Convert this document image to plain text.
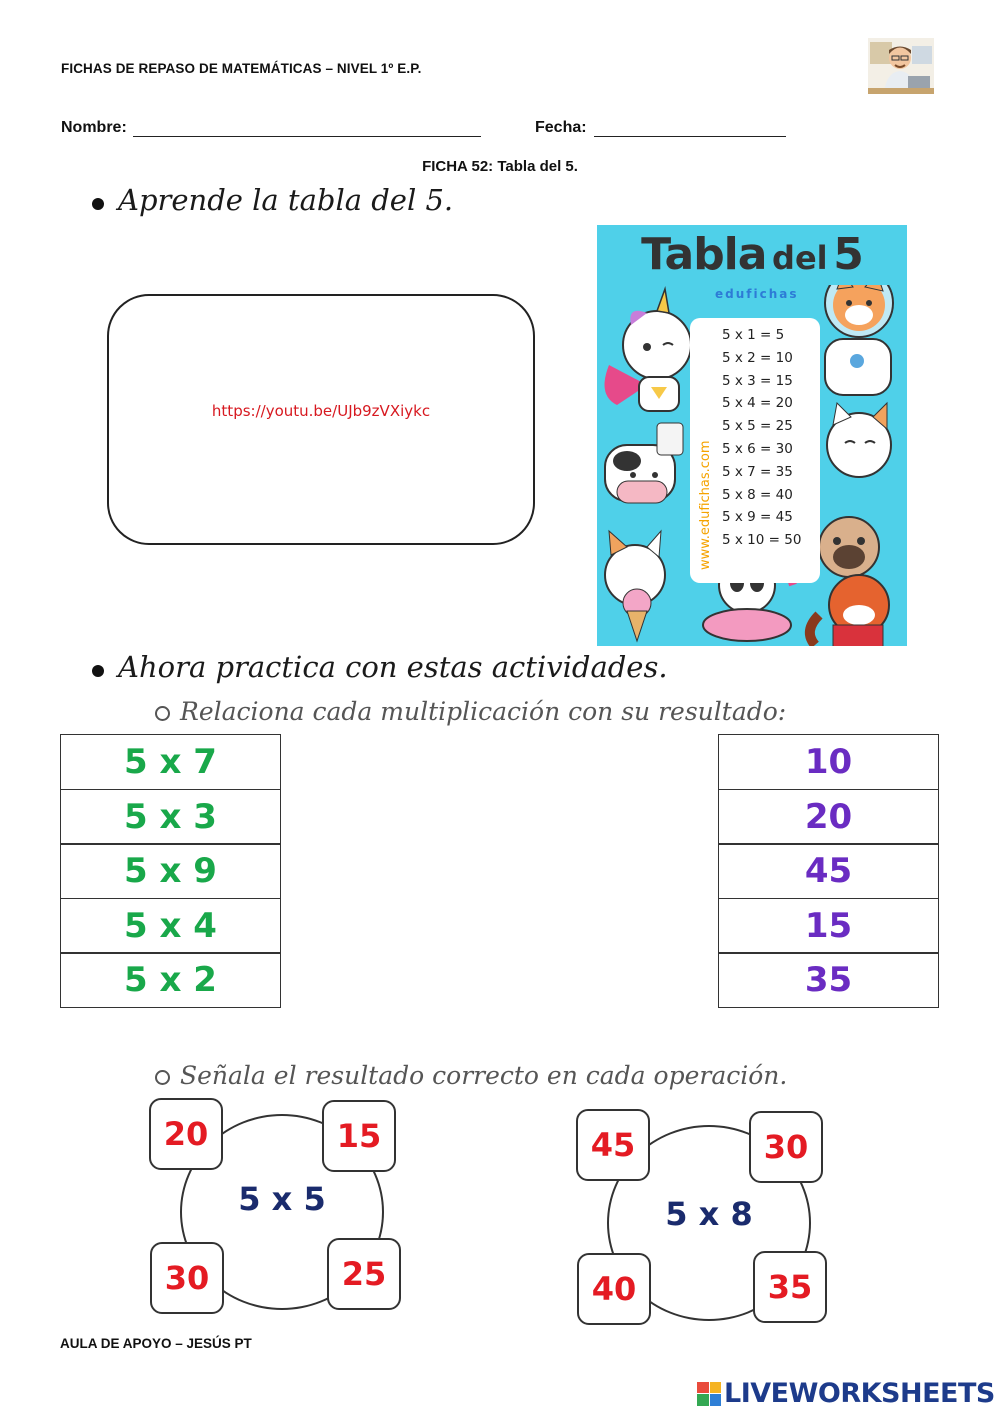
FICHAS DE REPASO DE MATEMÁTICAS – NIVEL 1º E.P.
Nombre:	Fecha:
FICHA 52: Tabla del 5.
Aprende la tabla del 5.
https://youtu.be/UJb9zVXiykc
Tabla del 5
edufichas
www.edufichas.com
5 x 1 = 5
5 x 2 = 10
5 x 3 = 15
5 x 4 = 20
5 x 5 = 25
5 x 6 = 30
5 x 7 = 35
5 x 8 = 40
5 x 9 = 45
5 x 10 = 50
Ahora practica con estas actividades.
Relaciona cada multiplicación con su resultado:
5 x 7
5 x 3
5 x 9
5 x 4
5 x 2
10
20
45
15
35
Señala el resultado correcto en cada operación.
5 x 5
20	15
30	25
5 x 8
45	30
40	35
AULA DE APOYO – JESÚS PT
LIVEWORKSHEETS
